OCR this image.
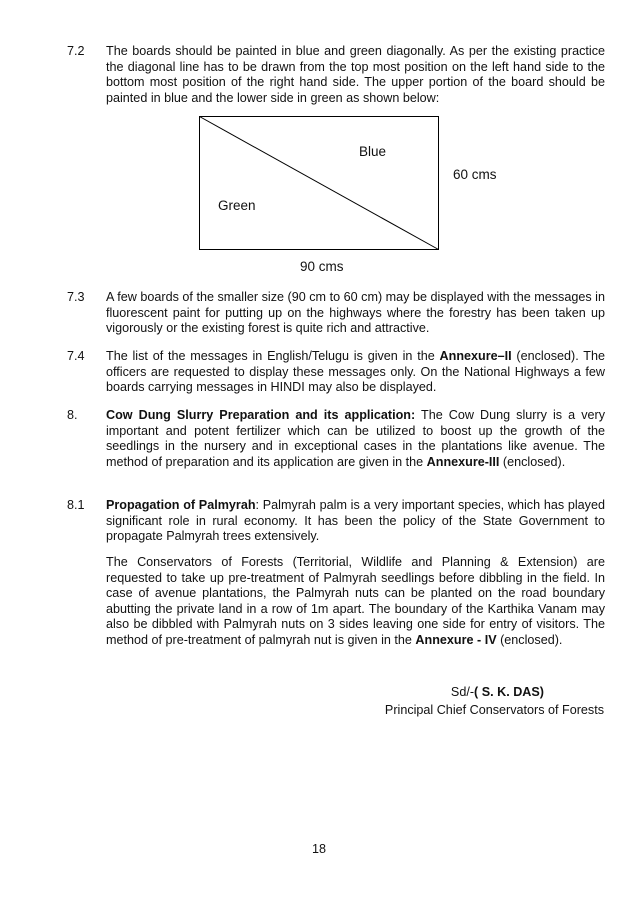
7.2 The boards should be painted in blue and green diagonally. As per the existing practice the diagonal line has to be drawn from the top most position on the left hand side to the bottom most position of the right hand side. The upper portion of the board should be painted in blue and the lower side in green as shown below:
Blue
Green
60 cms
90 cms
7.3 A few boards of the smaller size (90 cm to 60 cm) may be displayed with the messages in fluorescent paint for putting up on the highways where the forestry has been taken up vigorously or the existing forest is quite rich and attractive.
7.4 The list of the messages in English/Telugu is given in the Annexure–II (enclosed). The officers are requested to display these messages only. On the National Highways a few boards carrying messages in HINDI may also be displayed.
8. Cow Dung Slurry Preparation and its application: The Cow Dung slurry is a very important and potent fertilizer which can be utilized to boost up the growth of the seedlings in the nursery and in exceptional cases in the plantations like avenue. The method of preparation and its application are given in the Annexure-III (enclosed).
8.1 Propagation of Palmyrah: Palmyrah palm is a very important species, which has played significant role in rural economy. It has been the policy of the State Government to propagate Palmyrah trees extensively.
The Conservators of Forests (Territorial, Wildlife and Planning & Extension) are requested to take up pre-treatment of Palmyrah seedlings before dibbling in the field. In case of avenue plantations, the Palmyrah nuts can be planted on the road boundary abutting the private land in a row of 1m apart. The boundary of the Karthika Vanam may also be dibbled with Palmyrah nuts on 3 sides leaving one side for entry of visitors. The method of pre-treatment of palmyrah nut is given in the Annexure - IV (enclosed).
Sd/-( S. K. DAS)
Principal Chief Conservators of Forests
18
